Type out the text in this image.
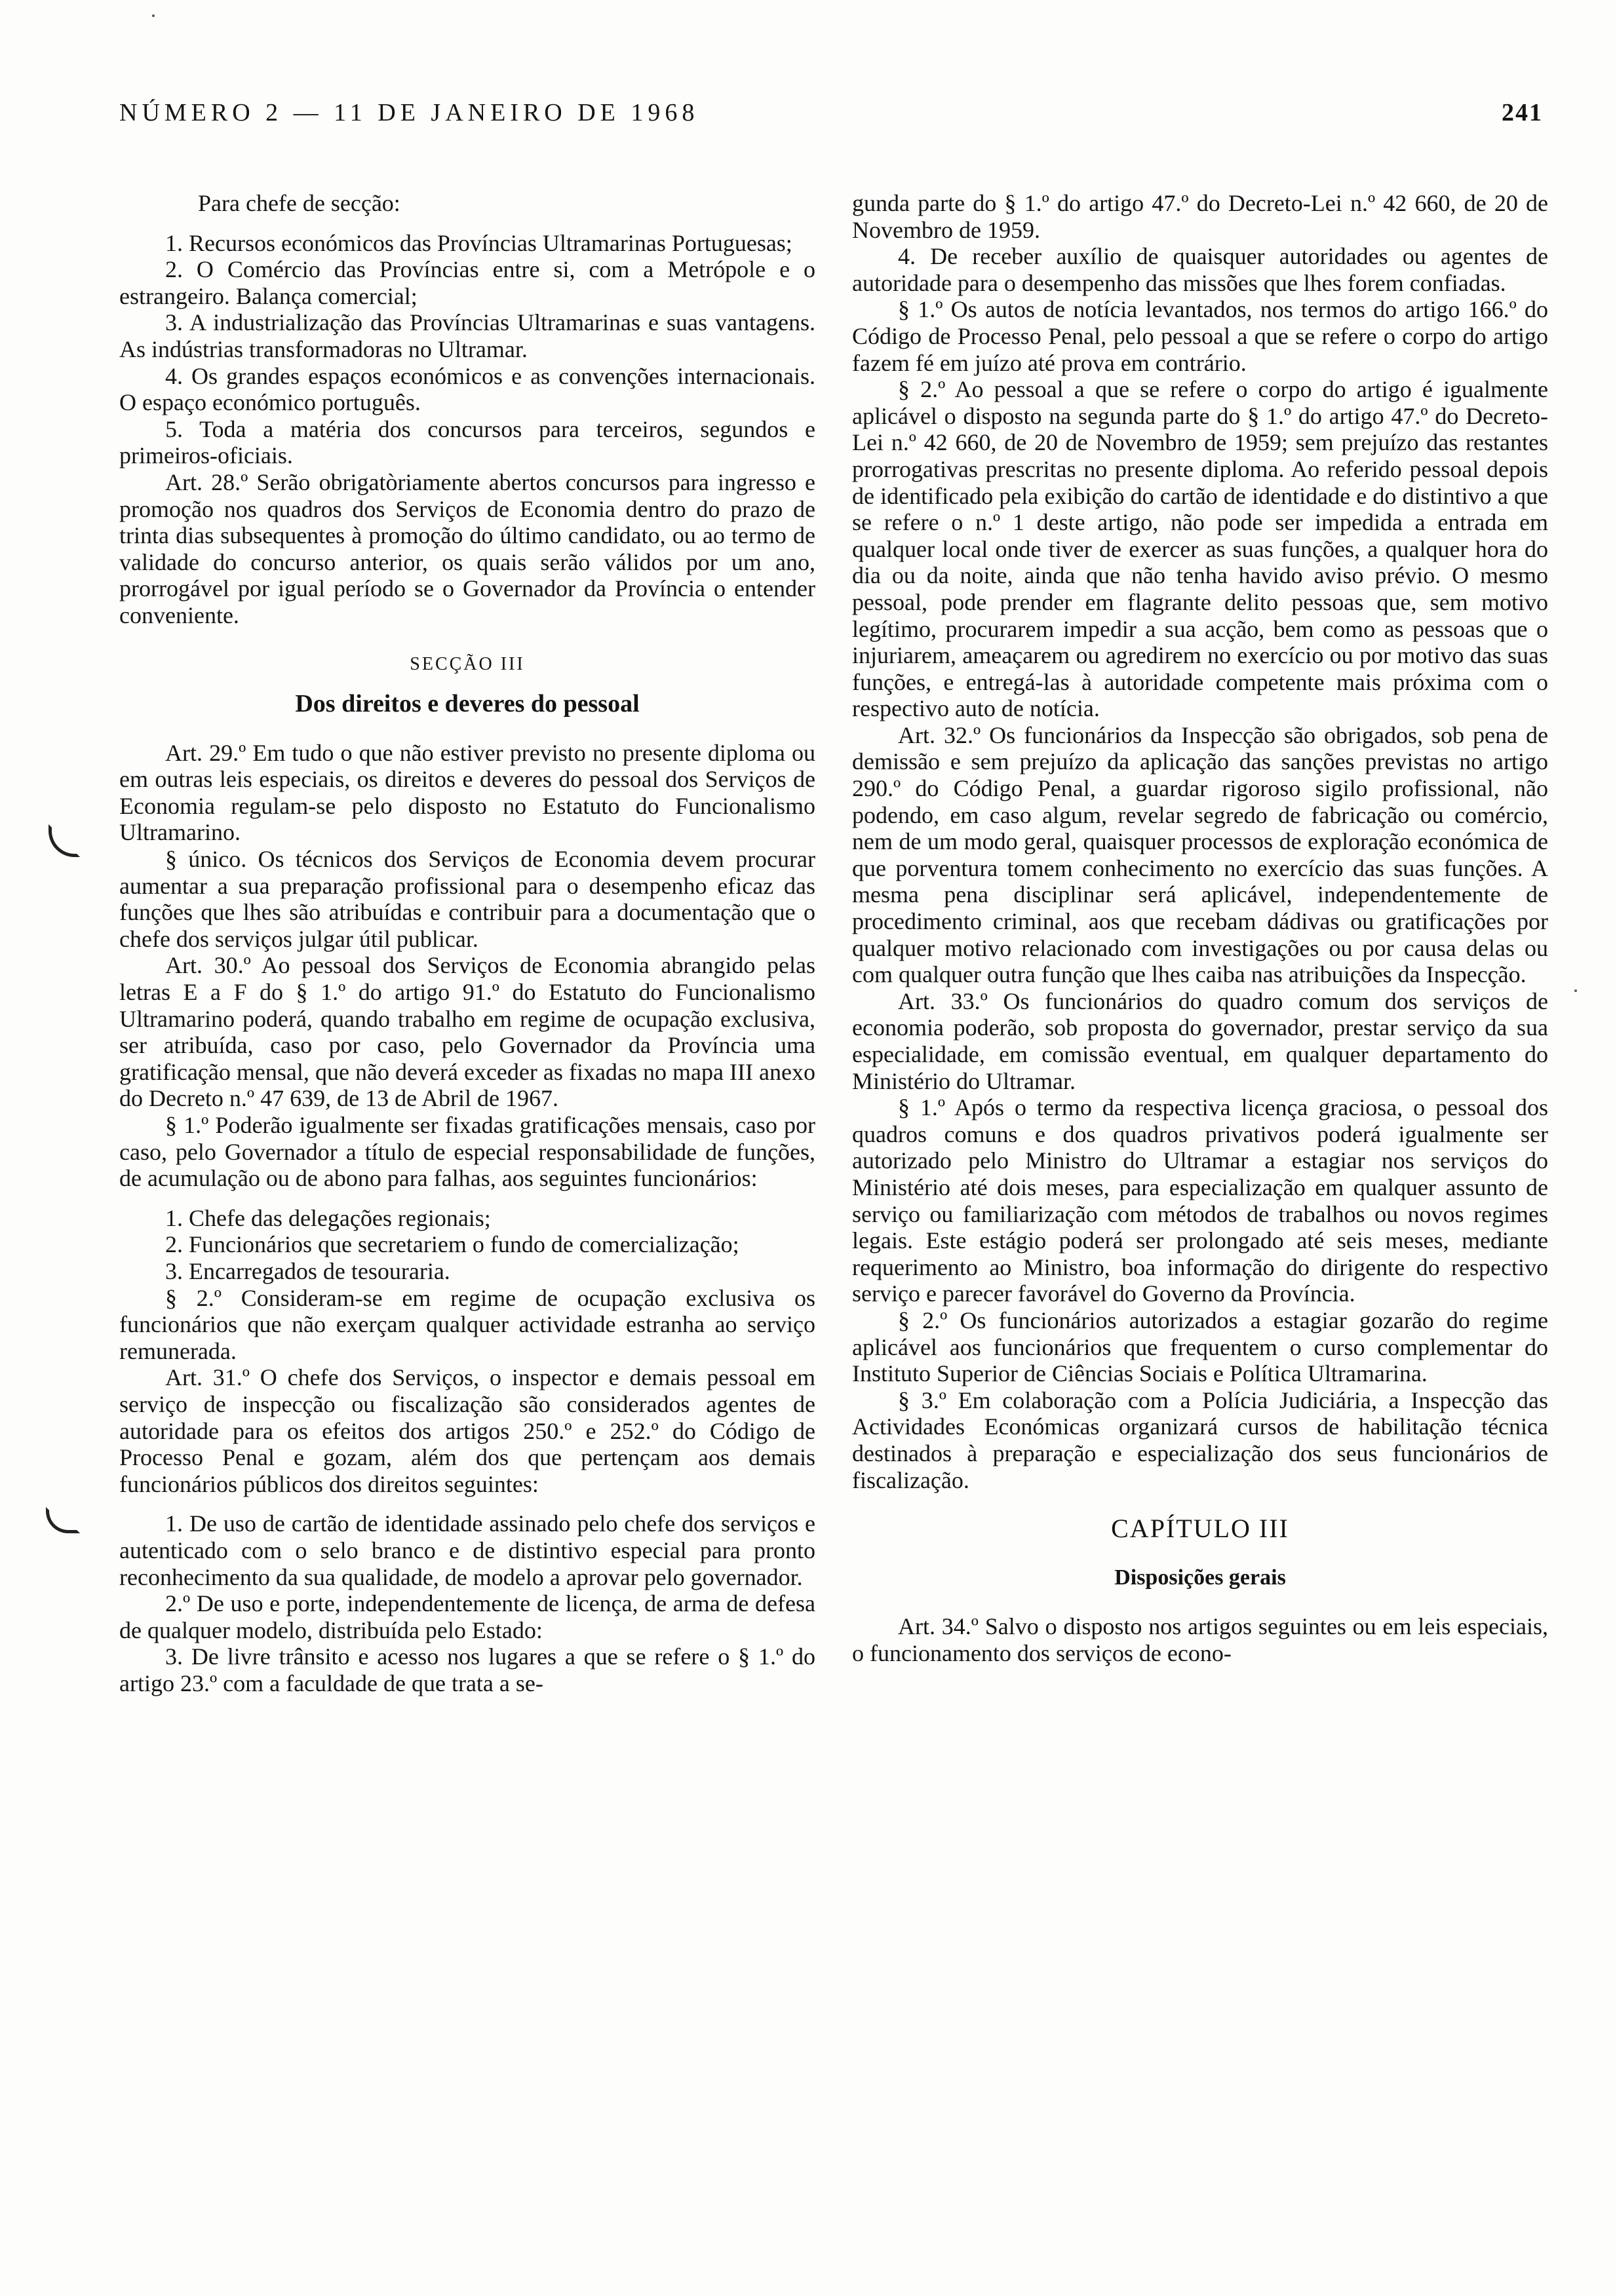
NÚMERO 2 — 11 DE JANEIRO DE 1968	241

Para chefe de secção:

1. Recursos económicos das Províncias Ultramarinas Portuguesas;

2. O Comércio das Províncias entre si, com a Metrópole e o estrangeiro. Balança comercial;

3. A industrialização das Províncias Ultramarinas e suas vantagens. As indústrias transformadoras no Ultramar.

4. Os grandes espaços económicos e as convenções internacionais. O espaço económico português.

5. Toda a matéria dos concursos para terceiros, segundos e primeiros-oficiais.

Art. 28.º Serão obrigatòriamente abertos concursos para ingresso e promoção nos quadros dos Serviços de Economia dentro do prazo de trinta dias subsequentes à promoção do último candidato, ou ao termo de validade do concurso anterior, os quais serão válidos por um ano, prorrogável por igual período se o Governador da Província o entender conveniente.

SECÇÃO III

Dos direitos e deveres do pessoal

Art. 29.º Em tudo o que não estiver previsto no presente diploma ou em outras leis especiais, os direitos e deveres do pessoal dos Serviços de Economia regulam-se pelo disposto no Estatuto do Funcionalismo Ultramarino.

§ único. Os técnicos dos Serviços de Economia devem procurar aumentar a sua preparação profissional para o desempenho eficaz das funções que lhes são atribuídas e contribuir para a documentação que o chefe dos serviços julgar útil publicar.

Art. 30.º Ao pessoal dos Serviços de Economia abrangido pelas letras E a F do § 1.º do artigo 91.º do Estatuto do Funcionalismo Ultramarino poderá, quando trabalho em regime de ocupação exclusiva, ser atribuída, caso por caso, pelo Governador da Província uma gratificação mensal, que não deverá exceder as fixadas no mapa III anexo do Decreto n.º 47 639, de 13 de Abril de 1967.

§ 1.º Poderão igualmente ser fixadas gratificações mensais, caso por caso, pelo Governador a título de especial responsabilidade de funções, de acumulação ou de abono para falhas, aos seguintes funcionários:

1. Chefe das delegações regionais;

2. Funcionários que secretariem o fundo de comercialização;

3. Encarregados de tesouraria.

§ 2.º Consideram-se em regime de ocupação exclusiva os funcionários que não exerçam qualquer actividade estranha ao serviço remunerada.

Art. 31.º O chefe dos Serviços, o inspector e demais pessoal em serviço de inspecção ou fiscalização são considerados agentes de autoridade para os efeitos dos artigos 250.º e 252.º do Código de Processo Penal e gozam, além dos que pertençam aos demais funcionários públicos dos direitos seguintes:

1. De uso de cartão de identidade assinado pelo chefe dos serviços e autenticado com o selo branco e de distintivo especial para pronto reconhecimento da sua qualidade, de modelo a aprovar pelo governador.

2.º De uso e porte, independentemente de licença, de arma de defesa de qualquer modelo, distribuída pelo Estado:

3. De livre trânsito e acesso nos lugares a que se refere o § 1.º do artigo 23.º com a faculdade de que trata a se-

gunda parte do § 1.º do artigo 47.º do Decreto-Lei n.º 42 660, de 20 de Novembro de 1959.

4. De receber auxílio de quaisquer autoridades ou agentes de autoridade para o desempenho das missões que lhes forem confiadas.

§ 1.º Os autos de notícia levantados, nos termos do artigo 166.º do Código de Processo Penal, pelo pessoal a que se refere o corpo do artigo fazem fé em juízo até prova em contrário.

§ 2.º Ao pessoal a que se refere o corpo do artigo é igualmente aplicável o disposto na segunda parte do § 1.º do artigo 47.º do Decreto-Lei n.º 42 660, de 20 de Novembro de 1959; sem prejuízo das restantes prorrogativas prescritas no presente diploma. Ao referido pessoal depois de identificado pela exibição do cartão de identidade e do distintivo a que se refere o n.º 1 deste artigo, não pode ser impedida a entrada em qualquer local onde tiver de exercer as suas funções, a qualquer hora do dia ou da noite, ainda que não tenha havido aviso prévio. O mesmo pessoal, pode prender em flagrante delito pessoas que, sem motivo legítimo, procurarem impedir a sua acção, bem como as pessoas que o injuriarem, ameaçarem ou agredirem no exercício ou por motivo das suas funções, e entregá-las à autoridade competente mais próxima com o respectivo auto de notícia.

Art. 32.º Os funcionários da Inspecção são obrigados, sob pena de demissão e sem prejuízo da aplicação das sanções previstas no artigo 290.º do Código Penal, a guardar rigoroso sigilo profissional, não podendo, em caso algum, revelar segredo de fabricação ou comércio, nem de um modo geral, quaisquer processos de exploração económica de que porventura tomem conhecimento no exercício das suas funções. A mesma pena disciplinar será aplicável, independentemente de procedimento criminal, aos que recebam dádivas ou gratificações por qualquer motivo relacionado com investigações ou por causa delas ou com qualquer outra função que lhes caiba nas atribuições da Inspecção.

Art. 33.º Os funcionários do quadro comum dos serviços de economia poderão, sob proposta do governador, prestar serviço da sua especialidade, em comissão eventual, em qualquer departamento do Ministério do Ultramar.

§ 1.º Após o termo da respectiva licença graciosa, o pessoal dos quadros comuns e dos quadros privativos poderá igualmente ser autorizado pelo Ministro do Ultramar a estagiar nos serviços do Ministério até dois meses, para especialização em qualquer assunto de serviço ou familiarização com métodos de trabalhos ou novos regimes legais. Este estágio poderá ser prolongado até seis meses, mediante requerimento ao Ministro, boa informação do dirigente do respectivo serviço e parecer favorável do Governo da Província.

§ 2.º Os funcionários autorizados a estagiar gozarão do regime aplicável aos funcionários que frequentem o curso complementar do Instituto Superior de Ciências Sociais e Política Ultramarina.

§ 3.º Em colaboração com a Polícia Judiciária, a Inspecção das Actividades Económicas organizará cursos de habilitação técnica destinados à preparação e especialização dos seus funcionários de fiscalização.

CAPÍTULO III

Disposições gerais

Art. 34.º Salvo o disposto nos artigos seguintes ou em leis especiais, o funcionamento dos serviços de econo-
